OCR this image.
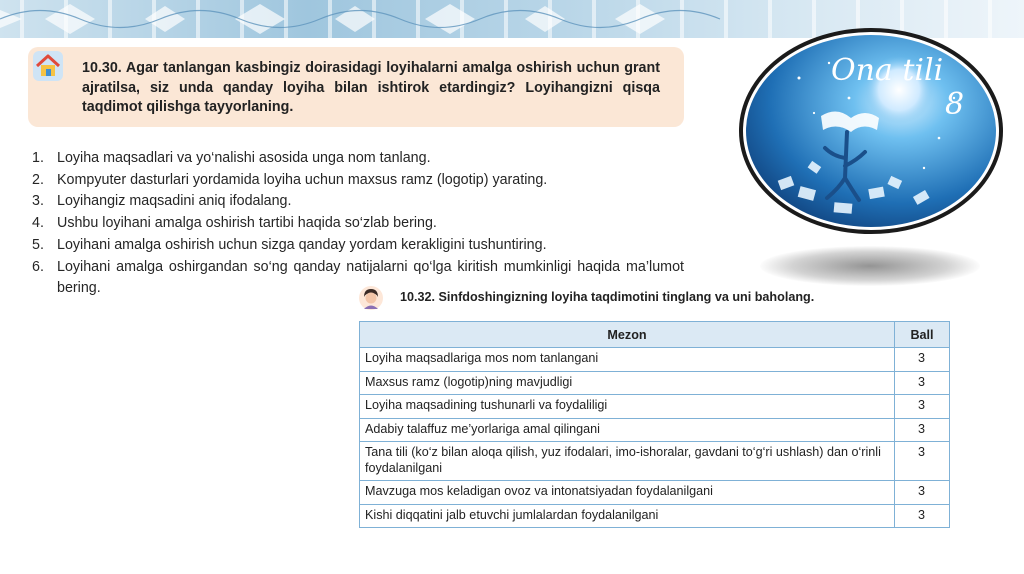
10.30. Agar tanlangan kasbingiz doirasidagi loyihalarni amalga oshirish uchun grant ajratilsa, siz unda qanday loyiha bilan ishtirok etardingiz? Loyihangizni qisqa taqdimot qilishga tayyorlaning.
1. Loyiha maqsadlari va yo‘nalishi asosida unga nom tanlang.
2. Kompyuter dasturlari yordamida loyiha uchun maxsus ramz (logotip) yarating.
3. Loyihangiz maqsadini aniq ifodalang.
4. Ushbu loyihani amalga oshirish tartibi haqida so‘zlab bering.
5. Loyihani amalga oshirish uchun sizga qanday yordam kerakligini tushuntiring.
6. Loyihani amalga oshirgandan so‘ng qanday natijalarni qo‘lga kiritish mumkinligi haqida ma’lumot bering.
10.32. Sinfdoshingizning loyiha taqdimotini tinglang va uni baholang.
Mezon	Ball
Loyiha maqsadlariga mos nom tanlangani	3
Maxsus ramz (logotip)ning mavjudligi	3
Loyiha maqsadining tushunarli va foydaliligi	3
Adabiy talaffuz me’yorlariga amal qilingani	3
Tana tili (ko‘z bilan aloqa qilish, yuz ifodalari, imo-ishoralar, gavdani to‘g‘ri ushlash) dan o‘rinli foydalanilgani	3
Mavzuga mos keladigan ovoz va intonatsiyadan foydalanilgani	3
Kishi diqqatini jalb etuvchi jumlalardan foydalanilgani	3
Ona tili
8
